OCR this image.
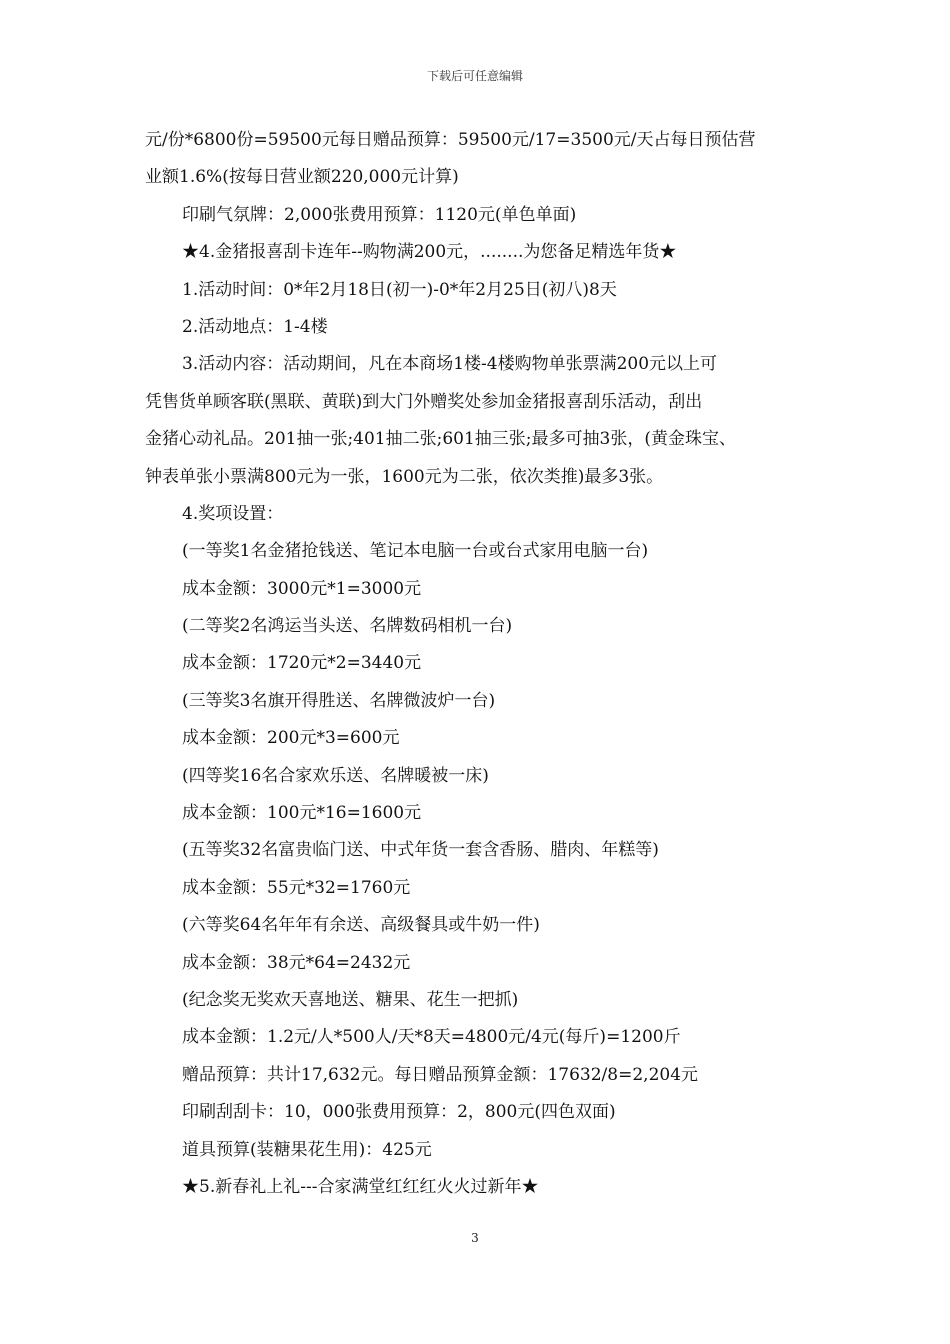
下载后可任意编辑
元/份*6800份=59500元每日赠品预算：59500元/17=3500元/天占每日预估营
业额1.6%(按每日营业额220,000元计算)
印刷气氛牌：2,000张费用预算：1120元(单色单面)
★4.金猪报喜刮卡连年--购物满200元，........为您备足精选年货★
1.活动时间：0*年2月18日(初一)-0*年2月25日(初八)8天
2.活动地点：1-4楼
3.活动内容：活动期间，凡在本商场1楼-4楼购物单张票满200元以上可
凭售货单顾客联(黑联、黄联)到大门外赠奖处参加金猪报喜刮乐活动，刮出
金猪心动礼品。201抽一张;401抽二张;601抽三张;最多可抽3张，(黄金珠宝、
钟表单张小票满800元为一张，1600元为二张，依次类推)最多3张。
4.奖项设置：
(一等奖1名金猪抢钱送、笔记本电脑一台或台式家用电脑一台)
成本金额：3000元*1=3000元
(二等奖2名鸿运当头送、名牌数码相机一台)
成本金额：1720元*2=3440元
(三等奖3名旗开得胜送、名牌微波炉一台)
成本金额：200元*3=600元
(四等奖16名合家欢乐送、名牌暖被一床)
成本金额：100元*16=1600元
(五等奖32名富贵临门送、中式年货一套含香肠、腊肉、年糕等)
成本金额：55元*32=1760元
(六等奖64名年年有余送、高级餐具或牛奶一件)
成本金额：38元*64=2432元
(纪念奖无奖欢天喜地送、糖果、花生一把抓)
成本金额：1.2元/人*500人/天*8天=4800元/4元(每斤)=1200斤
赠品预算：共计17,632元。每日赠品预算金额：17632/8=2,204元
印刷刮刮卡：10，000张费用预算：2，800元(四色双面)
道具预算(装糖果花生用)：425元
★5.新春礼上礼---合家满堂红红红火火过新年★
3
